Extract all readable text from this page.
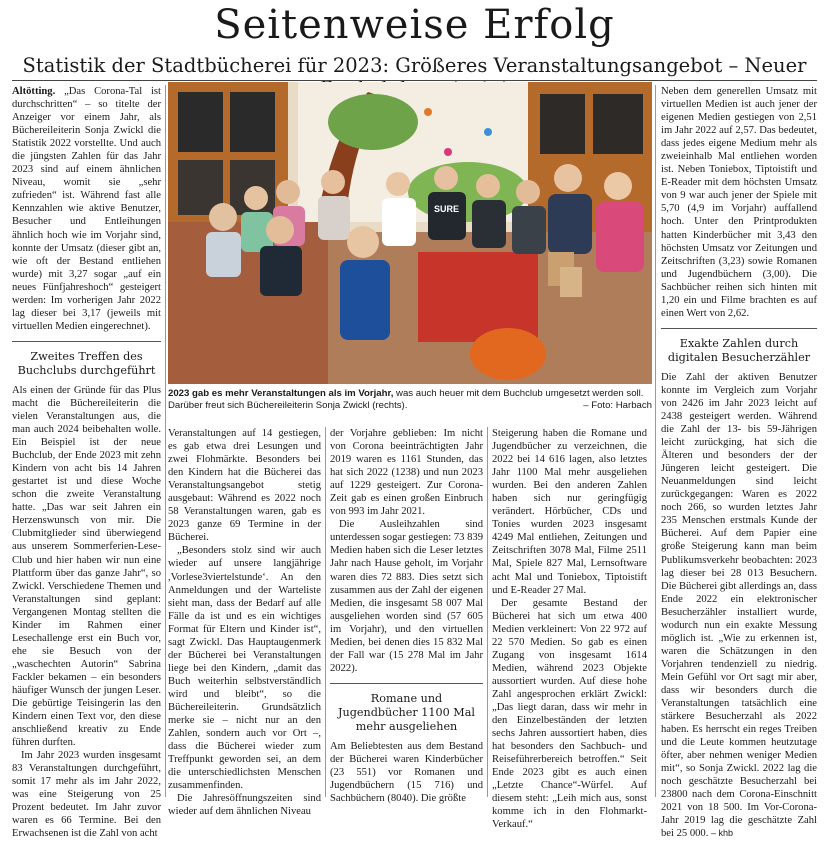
Seitenweise Erfolg
Statistik der Stadtbücherei für 2023: Größeres Veranstaltungsangebot – Neuer

Altötting. „Das Corona-Tal ist durchschritten“ – so titelte der Anzeiger vor einem Jahr, als Büchereileiterin Sonja Zwickl die Statistik 2022 vorstellte. Und auch die jüngsten Zahlen für das Jahr 2023 sind auf einem ähnlichen Niveau, womit sie „sehr zufrieden“ ist. Während fast alle Kennzahlen wie aktive Benutzer, Besucher und Entleihungen ähnlich hoch wie im Vorjahr sind, konnte der Umsatz (dieser gibt an, wie oft der Bestand entliehen wurde) mit 3,27 sogar „auf ein neues Fünfjahreshoch“ gesteigert werden: Im vorherigen Jahr 2022 lag dieser bei 3,17 (jeweils mit virtuellen Medien eingerechnet).

Zweites Treffen des Buchclubs durchgeführt

Als einen der Gründe für das Plus macht die Büchereileiterin die vielen Veranstaltungen aus, die man auch 2024 beibehalten wolle. Ein Beispiel ist der neue Buchclub, der Ende 2023 mit zehn Kindern von acht bis 14 Jahren gestartet ist und diese Woche schon die zweite Veranstaltung hatte. „Das war seit Jahren ein Herzenswunsch von mir. Die Clubmitglieder sind überwiegend aus unserem Sommerferien-Lese-Club und hier haben wir nun eine Plattform über das ganze Jahr“, so Zwickl. Verschiedene Themen und Veranstaltungen sind geplant: Vergangenen Montag stellten die Kinder im Rahmen einer Lesechallenge erst ein Buch vor, ehe sie Besuch von der „waschechten Autorin“ Sabrina Fackler bekamen – ein besonders häufiger Wunsch der jungen Leser. Die gebürtige Teisingerin las den Kindern einen Text vor, den diese anschließend kreativ zu Ende führen durften.

Im Jahr 2023 wurden insgesamt 83 Veranstaltungen durchgeführt, somit 17 mehr als im Jahr 2022, was eine Steigerung von 25 Prozent bedeutet. Im Jahr zuvor waren es 66 Termine. Bei den Erwachsenen ist die Zahl von acht

SURE
2023 gab es mehr Veranstaltungen als im Vorjahr, was auch heuer mit dem Buchclub umgesetzt werden soll. Darüber freut sich Büchereileiterin Sonja Zwickl (rechts).	– Foto: Harbach

Veranstaltungen auf 14 gestiegen, es gab etwa drei Lesungen und zwei Flohmärkte. Besonders bei den Kindern hat die Bücherei das Veranstaltungsangebot stetig ausgebaut: Während es 2022 noch 58 Veranstaltungen waren, gab es 2023 ganze 69 Termine in der Bücherei.

„Besonders stolz sind wir auch wieder auf unsere langjährige ,Vorlese3viertelstunde‘. An den Anmeldungen und der Warteliste sieht man, dass der Bedarf auf alle Fälle da ist und es ein wichtiges Format für Eltern und Kinder ist“, sagt Zwickl. Das Hauptaugenmerk der Bücherei bei Veranstaltungen liege bei den Kindern, „damit das Buch weiterhin selbstverständlich wird und bleibt“, so die Büchereileiterin. Grundsätzlich merke sie – nicht nur an den Zahlen, sondern auch vor Ort –, dass die Bücherei wieder zum Treffpunkt geworden sei, an dem die unterschiedlichsten Menschen zusammenfinden.

Die Jahresöffnungszeiten sind wieder auf dem ähnlichen Niveau

der Vorjahre geblieben: Im nicht von Corona beeinträchtigten Jahr 2019 waren es 1161 Stunden, das hat sich 2022 (1238) und nun 2023 auf 1229 gesteigert. Zur Corona-Zeit gab es einen großen Einbruch von 993 im Jahr 2021.

Die Ausleihzahlen sind unterdessen sogar gestiegen: 73 839 Medien haben sich die Leser letztes Jahr nach Hause geholt, im Vorjahr waren dies 72 883. Dies setzt sich zusammen aus der Zahl der eigenen Medien, die insgesamt 58 007 Mal ausgeliehen worden sind (57 605 im Vorjahr), und den virtuellen Medien, bei denen dies 15 832 Mal der Fall war (15 278 Mal im Jahr 2022).

Romane und Jugendbücher 1100 Mal mehr ausgeliehen

Am Beliebtesten aus dem Bestand der Bücherei waren Kinderbücher (23 551) vor Romanen und Jugendbüchern (15 716) und Sachbüchern (8040). Die größte

Steigerung haben die Romane und Jugendbücher zu verzeichnen, die 2022 bei 14 616 lagen, also letztes Jahr 1100 Mal mehr ausgeliehen wurden. Bei den anderen Zahlen haben sich nur geringfügig verändert. Hörbücher, CDs und Tonies wurden 2023 insgesamt 4249 Mal entliehen, Zeitungen und Zeitschriften 3078 Mal, Filme 2511 Mal, Spiele 827 Mal, Lernsoftware acht Mal und Toniebox, Tiptoistift und E-Reader 27 Mal.

Der gesamte Bestand der Bücherei hat sich um etwa 400 Medien verkleinert: Von 22 972 auf 22 570 Medien. So gab es einen Zugang von insgesamt 1614 Medien, während 2023 Objekte aussortiert wurden. Auf diese hohe Zahl angesprochen erklärt Zwickl: „Das liegt daran, dass wir mehr in den Einzelbeständen der letzten sechs Jahren aussortiert haben, dies hat besonders den Sachbuch- und Reiseführerbereich betroffen.“ Seit Ende 2023 gibt es auch einen „Letzte Chance“-Würfel. Auf diesem steht: „Leih mich aus, sonst komme ich in den Flohmarkt-Verkauf.“

Neben dem generellen Umsatz mit virtuellen Medien ist auch jener der eigenen Medien gestiegen von 2,51 im Jahr 2022 auf 2,57. Das bedeutet, dass jedes eigene Medium mehr als zweieinhalb Mal entliehen worden ist. Neben Toniebox, Tiptoistift und E-Reader mit dem höchsten Umsatz von 9 war auch jener der Spiele mit 5,70 (4,9 im Vorjahr) auffallend hoch. Unter den Printprodukten hatten Kinderbücher mit 3,43 den höchsten Umsatz vor Zeitungen und Zeitschriften (3,23) sowie Romanen und Jugendbüchern (3,00). Die Sachbücher reihen sich hinten mit 1,20 ein und Filme brachten es auf einen Wert von 2,62.

Exakte Zahlen durch digitalen Besucherzähler

Die Zahl der aktiven Benutzer konnte im Vergleich zum Vorjahr von 2426 im Jahr 2023 leicht auf 2438 gesteigert werden. Während die Zahl der 13- bis 59-Jährigen leicht zurückging, hat sich die Älteren und besonders der der Jüngeren leicht gesteigert. Die Neuanmeldungen sind leicht zurückgegangen: Waren es 2022 noch 266, so wurden letztes Jahr 235 Menschen erstmals Kunde der Bücherei. Auf dem Papier eine große Steigerung kann man beim Publikumsverkehr beobachten: 2023 lag dieser bei 28 013 Besuchern. Die Bücherei gibt allerdings an, dass Ende 2022 ein elektronischer Besucherzähler installiert wurde, wodurch nun ein exakte Messung möglich ist. „Wie zu erkennen ist, waren die Schätzungen in den Vorjahren tendenziell zu niedrig. Mein Gefühl vor Ort sagt mir aber, dass wir besonders durch die Veranstaltungen tatsächlich eine stärkere Besucherzahl als 2022 haben. Es herrscht ein reges Treiben und die Leute kommen heutzutage öfter, aber nehmen weniger Medien mit“, so Sonja Zwickl. 2022 lag die noch geschätzte Besucherzahl bei 23800 nach dem Corona-Einschnitt 2021 von 18 500. Im Vor-Corona-Jahr 2019 lag die geschätzte Zahl bei 25 000. – khb
